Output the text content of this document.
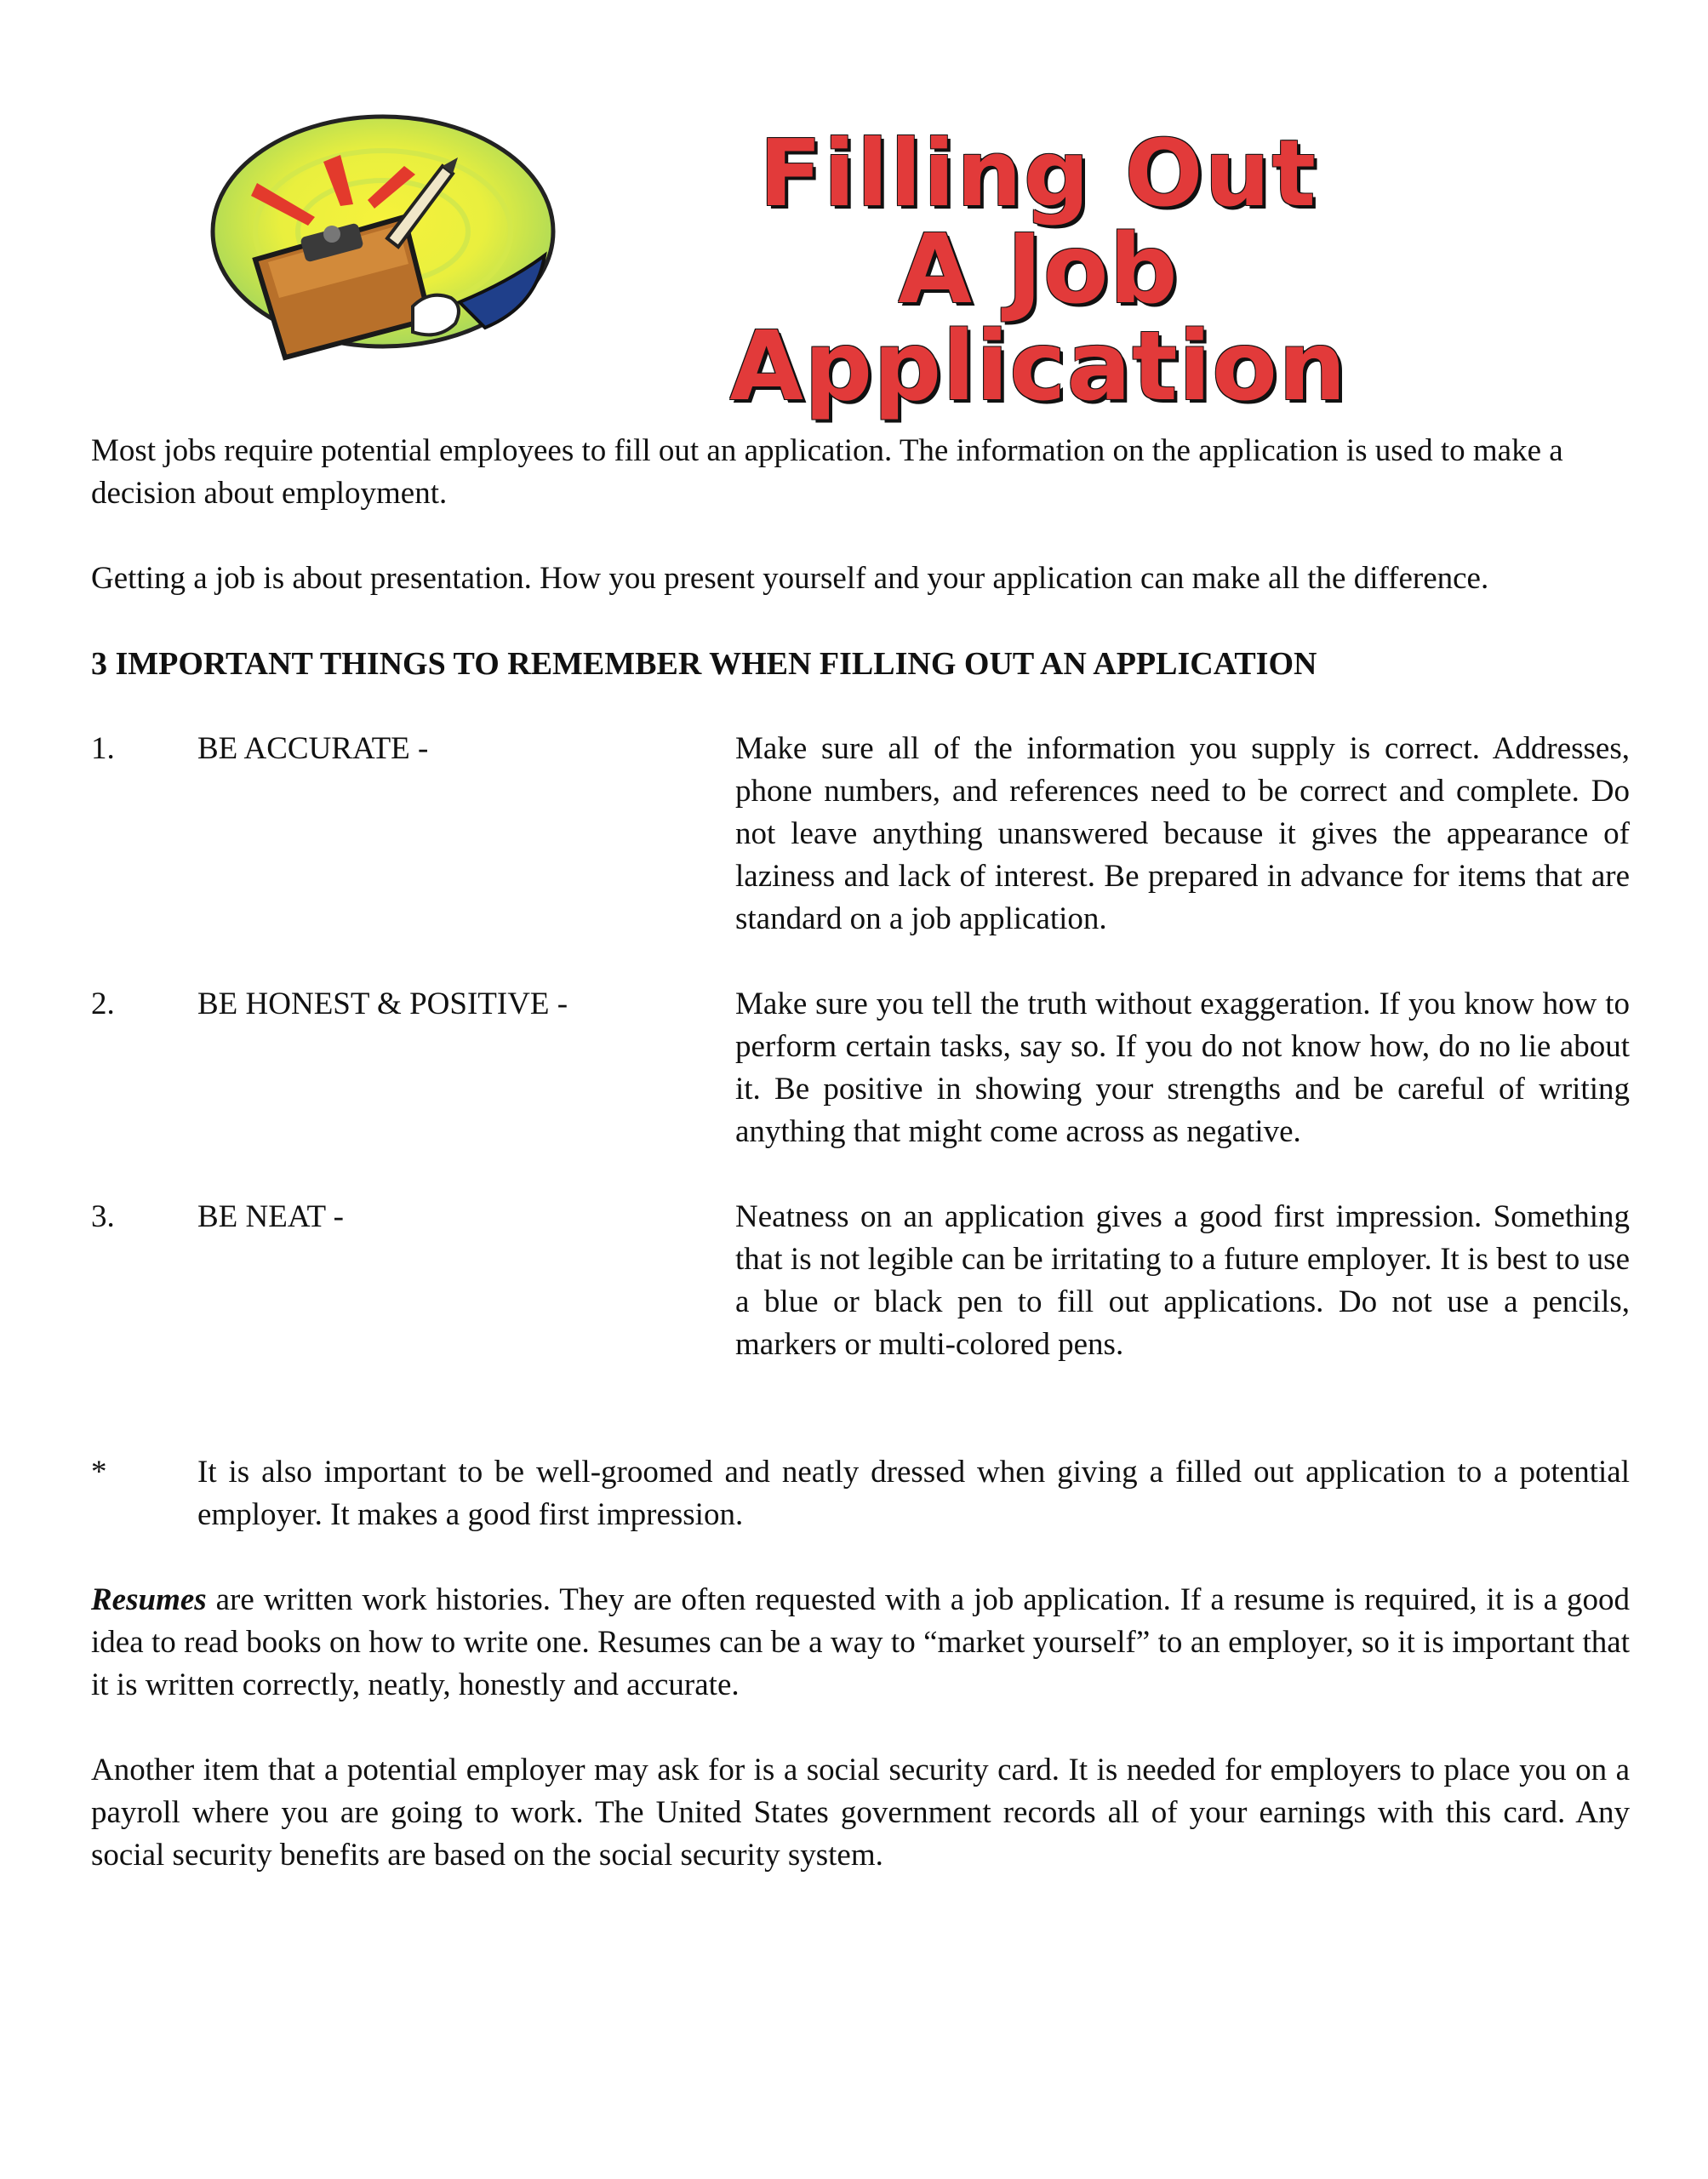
Filling Out
A Job Application

Most jobs require potential employees to fill out an application. The information on the application is used to make a decision about employment.

Getting a job is about presentation. How you present yourself and your application can make all the difference.

3 IMPORTANT THINGS TO REMEMBER WHEN FILLING OUT AN APPLICATION

1.	BE ACCURATE -	Make sure all of the information you supply is correct. Addresses, phone numbers, and references need to be correct and complete. Do not leave anything unanswered because it gives the appearance of laziness and lack of interest. Be prepared in advance for items that are standard on a job application.

2.	BE HONEST & POSITIVE -	Make sure you tell the truth without exaggeration. If you know how to perform certain tasks, say so. If you do not know how, do no lie about it. Be positive in showing your strengths and be careful of writing anything that might come across as negative.

3.	BE NEAT -	Neatness on an application gives a good first impression. Something that is not legible can be irritating to a future employer. It is best to use a blue or black pen to fill out applications. Do not use a pencils, markers or multi-colored pens.

*	It is also important to be well-groomed and neatly dressed when giving a filled out application to a potential employer. It makes a good first impression.

Resumes are written work histories. They are often requested with a job application. If a resume is required, it is a good idea to read books on how to write one. Resumes can be a way to “market yourself” to an employer, so it is important that it is written correctly, neatly, honestly and accurate.

Another item that a potential employer may ask for is a social security card. It is needed for employers to place you on a payroll where you are going to work. The United States government records all of your earnings with this card. Any social security benefits are based on the social security system.
